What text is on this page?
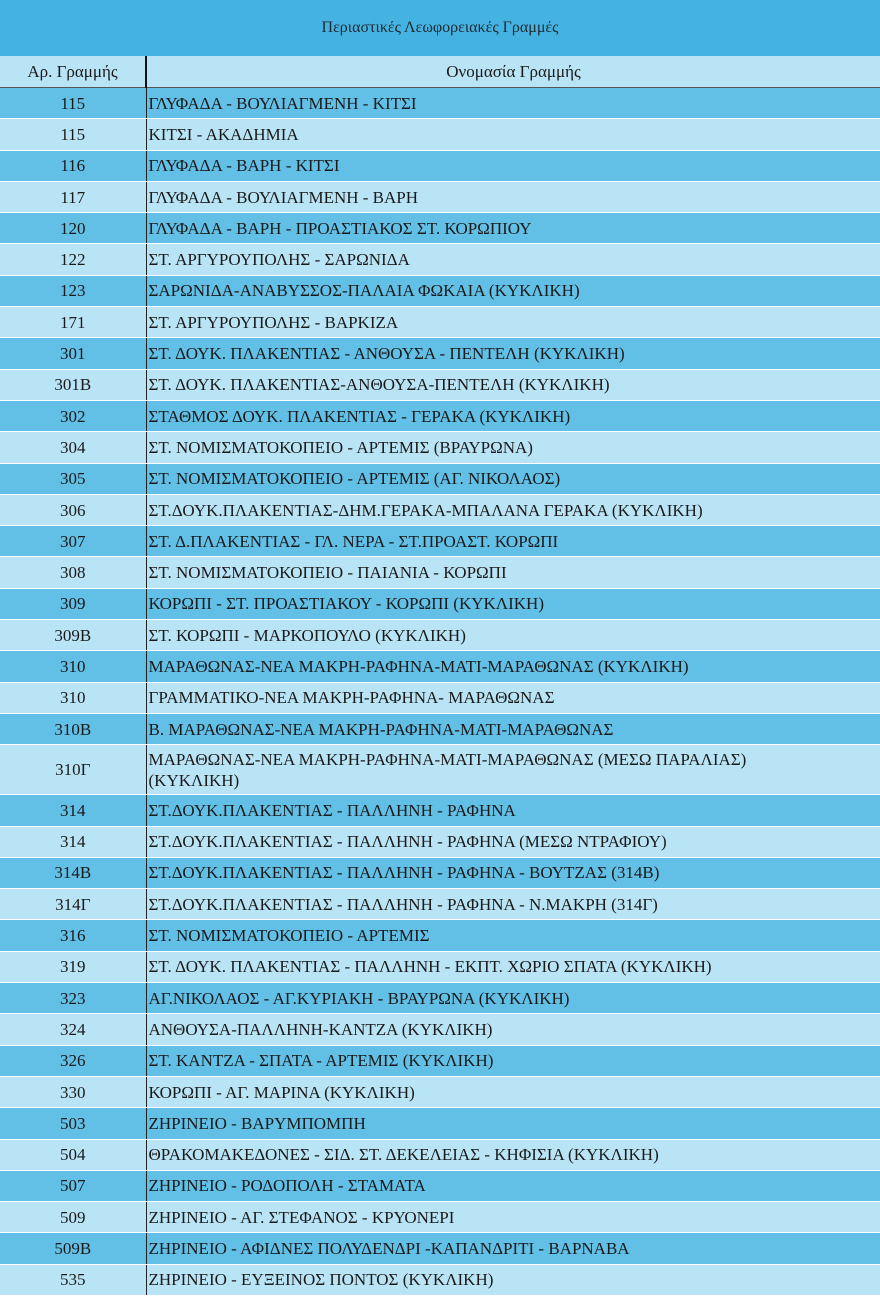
Περιαστικές Λεωφορειακές Γραμμές
Αρ. Γραμμής	Ονομασία Γραμμής
115	ΓΛΥΦΑΔΑ - ΒΟΥΛΙΑΓΜΕΝΗ - ΚΙΤΣΙ
115	ΚΙΤΣΙ - ΑΚΑΔΗΜΙΑ
116	ΓΛΥΦΑΔΑ - ΒΑΡΗ - ΚΙΤΣΙ
117	ΓΛΥΦΑΔΑ - ΒΟΥΛΙΑΓΜΕΝΗ - ΒΑΡΗ
120	ΓΛΥΦΑΔΑ - ΒΑΡΗ - ΠΡΟΑΣΤΙΑΚΟΣ ΣΤ. ΚΟΡΩΠΙΟΥ
122	ΣΤ. ΑΡΓΥΡΟΥΠΟΛΗΣ - ΣΑΡΩΝΙΔΑ
123	ΣΑΡΩΝΙΔΑ-ΑΝΑΒΥΣΣΟΣ-ΠΑΛΑΙΑ ΦΩΚΑΙΑ (ΚΥΚΛΙΚΗ)
171	ΣΤ. ΑΡΓΥΡΟΥΠΟΛΗΣ - ΒΑΡΚΙΖΑ
301	ΣΤ. ΔΟΥΚ. ΠΛΑΚΕΝΤΙΑΣ - ΑΝΘΟΥΣΑ - ΠΕΝΤΕΛΗ (ΚΥΚΛΙΚΗ)
301Β	ΣΤ. ΔΟΥΚ. ΠΛΑΚΕΝΤΙΑΣ-ΑΝΘΟΥΣΑ-ΠΕΝΤΕΛΗ (ΚΥΚΛΙΚΗ)
302	ΣΤΑΘΜΟΣ ΔΟΥΚ. ΠΛΑΚΕΝΤΙΑΣ - ΓΕΡΑΚΑ (ΚΥΚΛΙΚΗ)
304	ΣΤ. ΝΟΜΙΣΜΑΤΟΚΟΠΕΙΟ - ΑΡΤΕΜΙΣ (ΒΡΑΥΡΩΝΑ)
305	ΣΤ. ΝΟΜΙΣΜΑΤΟΚΟΠΕΙΟ - ΑΡΤΕΜΙΣ (ΑΓ. ΝΙΚΟΛΑΟΣ)
306	ΣΤ.ΔΟΥΚ.ΠΛΑΚΕΝΤΙΑΣ-ΔΗΜ.ΓΕΡΑΚΑ-ΜΠΑΛΑΝΑ ΓΕΡΑΚΑ (ΚΥΚΛΙΚΗ)
307	ΣΤ. Δ.ΠΛΑΚΕΝΤΙΑΣ - ΓΛ. ΝΕΡΑ - ΣΤ.ΠΡΟΑΣΤ. ΚΟΡΩΠΙ
308	ΣΤ. ΝΟΜΙΣΜΑΤΟΚΟΠΕΙΟ - ΠΑΙΑΝΙΑ - ΚΟΡΩΠΙ
309	ΚΟΡΩΠΙ - ΣΤ. ΠΡΟΑΣΤΙΑΚΟΥ - ΚΟΡΩΠΙ (ΚΥΚΛΙΚΗ)
309Β	ΣΤ. ΚΟΡΩΠΙ - ΜΑΡΚΟΠΟΥΛΟ (ΚΥΚΛΙΚΗ)
310	ΜΑΡΑΘΩΝΑΣ-ΝΕΑ ΜΑΚΡΗ-ΡΑΦΗΝΑ-ΜΑΤΙ-ΜΑΡΑΘΩΝΑΣ (ΚΥΚΛΙΚΗ)
310	ΓΡΑΜΜΑΤΙΚΟ-ΝΕΑ ΜΑΚΡΗ-ΡΑΦΗΝΑ- ΜΑΡΑΘΩΝΑΣ
310Β	Β. ΜΑΡΑΘΩΝΑΣ-ΝΕΑ ΜΑΚΡΗ-ΡΑΦΗΝΑ-ΜΑΤΙ-ΜΑΡΑΘΩΝΑΣ
310Γ	ΜΑΡΑΘΩΝΑΣ-ΝΕΑ ΜΑΚΡΗ-ΡΑΦΗΝΑ-ΜΑΤΙ-ΜΑΡΑΘΩΝΑΣ (ΜΕΣΩ ΠΑΡΑΛΙΑΣ) (ΚΥΚΛΙΚΗ)
314	ΣΤ.ΔΟΥΚ.ΠΛΑΚΕΝΤΙΑΣ - ΠΑΛΛΗΝΗ - ΡΑΦΗΝΑ
314	ΣΤ.ΔΟΥΚ.ΠΛΑΚΕΝΤΙΑΣ - ΠΑΛΛΗΝΗ - ΡΑΦΗΝΑ (ΜΕΣΩ ΝΤΡΑΦΙΟΥ)
314Β	ΣΤ.ΔΟΥΚ.ΠΛΑΚΕΝΤΙΑΣ - ΠΑΛΛΗΝΗ - ΡΑΦΗΝΑ - ΒΟΥΤΖΑΣ (314Β)
314Γ	ΣΤ.ΔΟΥΚ.ΠΛΑΚΕΝΤΙΑΣ - ΠΑΛΛΗΝΗ - ΡΑΦΗΝΑ - Ν.ΜΑΚΡΗ (314Γ)
316	ΣΤ. ΝΟΜΙΣΜΑΤΟΚΟΠΕΙΟ - ΑΡΤΕΜΙΣ
319	ΣΤ. ΔΟΥΚ. ΠΛΑΚΕΝΤΙΑΣ - ΠΑΛΛΗΝΗ - ΕΚΠΤ. ΧΩΡΙΟ ΣΠΑΤΑ (ΚΥΚΛΙΚΗ)
323	ΑΓ.ΝΙΚΟΛΑΟΣ - ΑΓ.ΚΥΡΙΑΚΗ - ΒΡΑΥΡΩΝΑ (ΚΥΚΛΙΚΗ)
324	ΑΝΘΟΥΣΑ-ΠΑΛΛΗΝΗ-ΚΑΝΤΖΑ (ΚΥΚΛΙΚΗ)
326	ΣΤ. ΚΑΝΤΖΑ - ΣΠΑΤΑ - ΑΡΤΕΜΙΣ (ΚΥΚΛΙΚΗ)
330	ΚΟΡΩΠΙ - ΑΓ. ΜΑΡΙΝΑ (ΚΥΚΛΙΚΗ)
503	ΖΗΡΙΝΕΙΟ - ΒΑΡΥΜΠΟΜΠΗ
504	ΘΡΑΚΟΜΑΚΕΔΟΝΕΣ - ΣΙΔ. ΣΤ. ΔΕΚΕΛΕΙΑΣ - ΚΗΦΙΣΙΑ (ΚΥΚΛΙΚΗ)
507	ΖΗΡΙΝΕΙΟ - ΡΟΔΟΠΟΛΗ - ΣΤΑΜΑΤΑ
509	ΖΗΡΙΝΕΙΟ - ΑΓ. ΣΤΕΦΑΝΟΣ - ΚΡΥΟΝΕΡΙ
509Β	ΖΗΡΙΝΕΙΟ - ΑΦΙΔΝΕΣ ΠΟΛΥΔΕΝΔΡΙ -ΚΑΠΑΝΔΡΙΤΙ - ΒΑΡΝΑΒΑ
535	ΖΗΡΙΝΕΙΟ - ΕΥΞΕΙΝΟΣ ΠΟΝΤΟΣ (ΚΥΚΛΙΚΗ)
